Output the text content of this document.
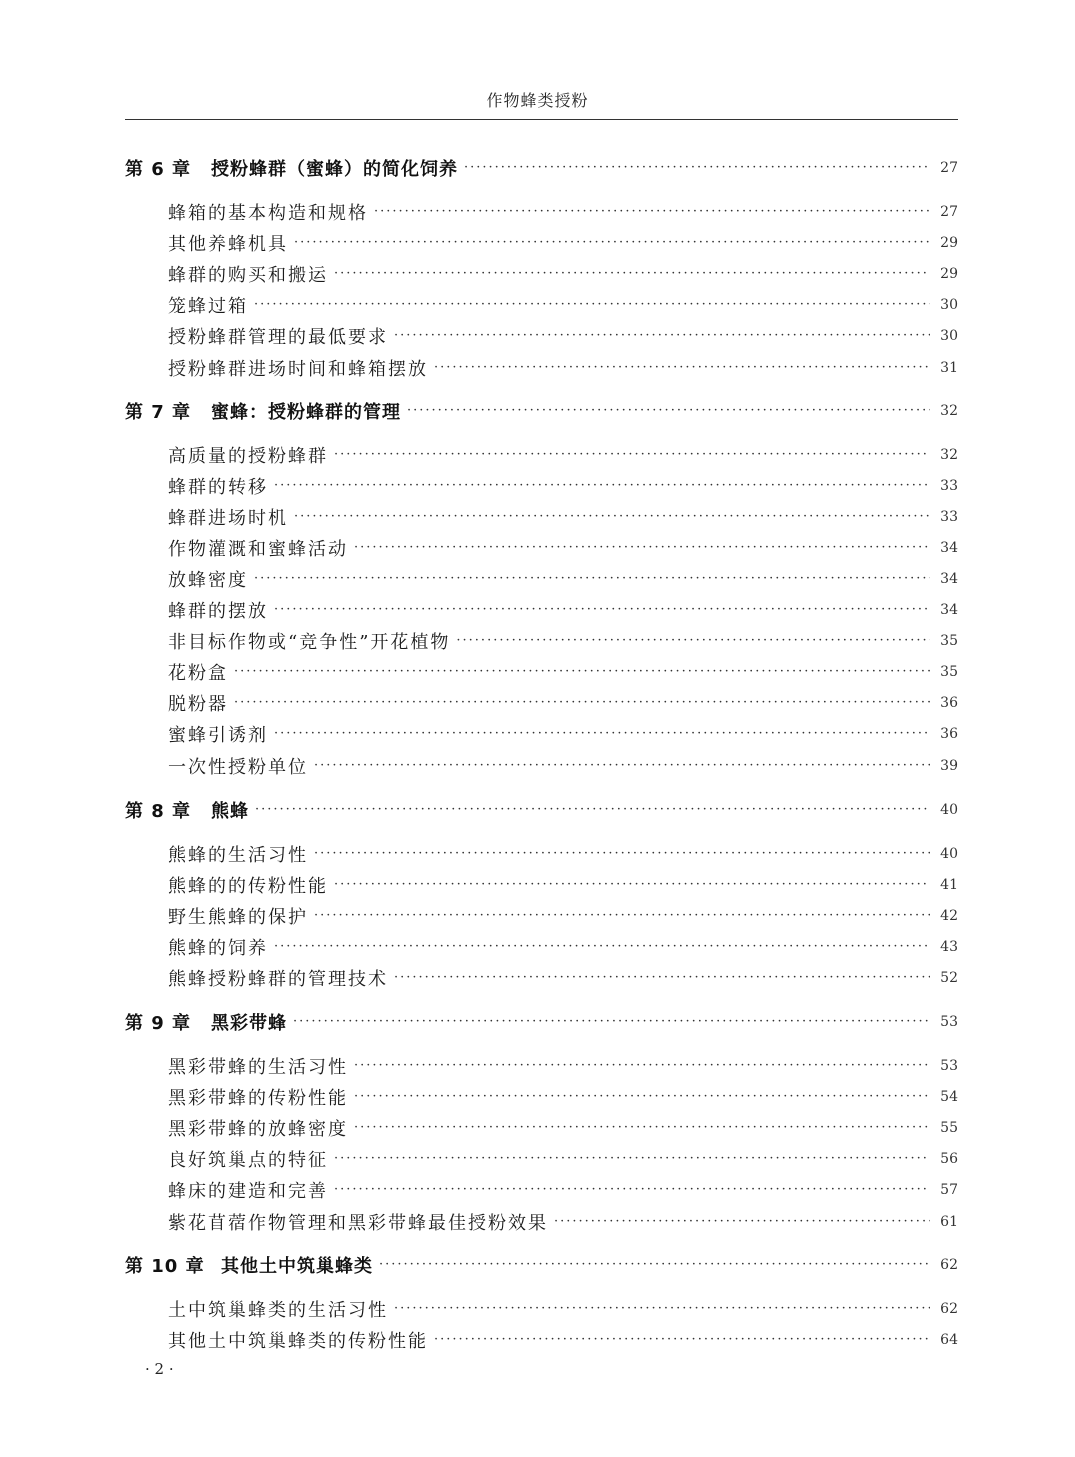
作物蜂类授粉
第 6 章	授粉蜂群（蜜蜂）的简化饲养 ·····	27
蜂箱的基本构造和规格 ·····	27
其他养蜂机具 ·····	29
蜂群的购买和搬运 ·····	29
笼蜂过箱 ·····	30
授粉蜂群管理的最低要求 ·····	30
授粉蜂群进场时间和蜂箱摆放 ·····	31
第 7 章	蜜蜂：授粉蜂群的管理 ·····	32
高质量的授粉蜂群 ·····	32
蜂群的转移 ·····	33
蜂群进场时机 ·····	33
作物灌溉和蜜蜂活动 ·····	34
放蜂密度 ·····	34
蜂群的摆放 ·····	34
非目标作物或“竞争性”开花植物 ·····	35
花粉盒 ·····	35
脱粉器 ·····	36
蜜蜂引诱剂 ·····	36
一次性授粉单位 ·····	39
第 8 章	熊蜂 ·····	40
熊蜂的生活习性 ·····	40
熊蜂的的传粉性能 ·····	41
野生熊蜂的保护 ·····	42
熊蜂的饲养 ·····	43
熊蜂授粉蜂群的管理技术 ·····	52
第 9 章	黑彩带蜂 ·····	53
黑彩带蜂的生活习性 ·····	53
黑彩带蜂的传粉性能 ·····	54
黑彩带蜂的放蜂密度 ·····	55
良好筑巢点的特征 ·····	56
蜂床的建造和完善 ·····	57
紫花苜蓿作物管理和黑彩带蜂最佳授粉效果 ·····	61
第 10 章 其他土中筑巢蜂类 ·····	62
土中筑巢蜂类的生活习性 ·····	62
其他土中筑巢蜂类的传粉性能 ·····	64
· 2 ·
